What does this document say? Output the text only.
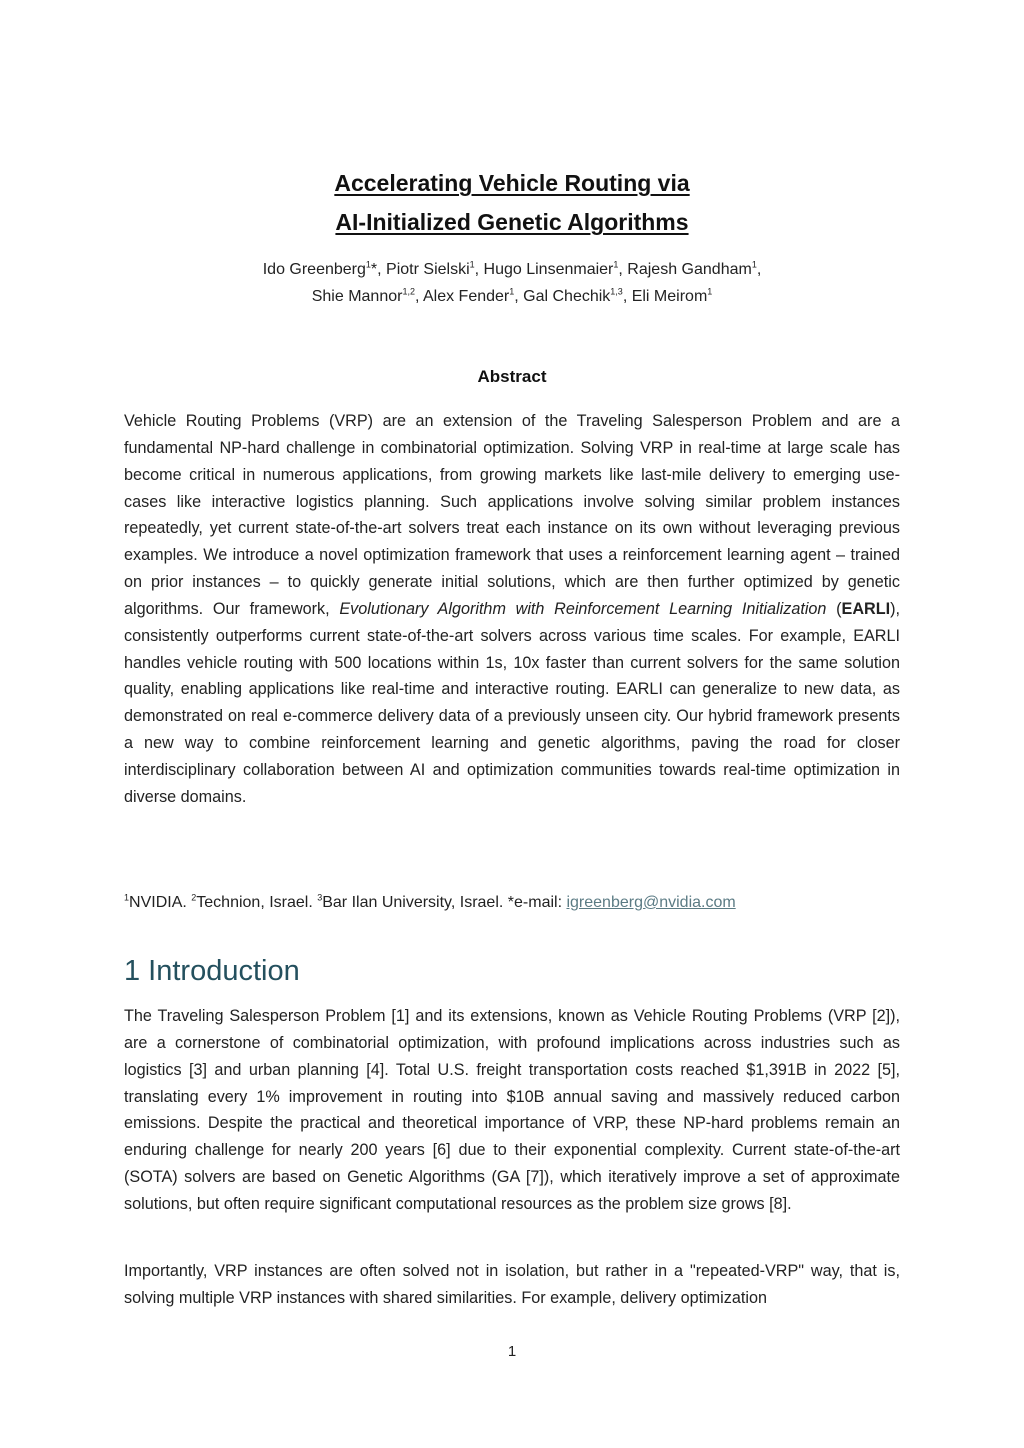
Accelerating Vehicle Routing via
AI-Initialized Genetic Algorithms
Ido Greenberg$^1$*, Piotr Sielski$^1$, Hugo Linsenmaier$^1$, Rajesh Gandham$^1$,
Shie Mannor$^{1,2}$, Alex Fender$^1$, Gal Chechik$^{1,3}$, Eli Meirom$^1$
Abstract
Vehicle Routing Problems (VRP) are an extension of the Traveling Salesperson Problem and are a fundamental NP-hard challenge in combinatorial optimization. Solving VRP in real-time at large scale has become critical in numerous applications, from growing markets like last-mile delivery to emerging use-cases like interactive logistics planning. Such applications involve solving similar problem instances repeatedly, yet current state-of-the-art solvers treat each instance on its own without leveraging previous examples. We introduce a novel optimization framework that uses a reinforcement learning agent – trained on prior instances – to quickly generate initial solutions, which are then further optimized by genetic algorithms. Our framework, Evolutionary Algorithm with Reinforcement Learning Initialization (EARLI), consistently outperforms current state-of-the-art solvers across various time scales. For example, EARLI handles vehicle routing with 500 locations within 1s, 10x faster than current solvers for the same solution quality, enabling applications like real-time and interactive routing. EARLI can generalize to new data, as demonstrated on real e-commerce delivery data of a previously unseen city. Our hybrid framework presents a new way to combine reinforcement learning and genetic algorithms, paving the road for closer interdisciplinary collaboration between AI and optimization communities towards real-time optimization in diverse domains.
$^1$NVIDIA. $^2$Technion, Israel. $^3$Bar Ilan University, Israel. *e-mail: igreenberg@nvidia.com
1 Introduction

The Traveling Salesperson Problem [1] and its extensions, known as Vehicle Routing Problems (VRP [2]), are a cornerstone of combinatorial optimization, with profound implications across industries such as logistics [3] and urban planning [4]. Total U.S. freight transportation costs reached $1,391B in 2022 [5], translating every 1% improvement in routing into $10B annual saving and massively reduced carbon emissions. Despite the practical and theoretical importance of VRP, these NP-hard problems remain an enduring challenge for nearly 200 years [6] due to their exponential complexity. Current state-of-the-art (SOTA) solvers are based on Genetic Algorithms (GA [7]), which iteratively improve a set of approximate solutions, but often require significant computational resources as the problem size grows [8].

Importantly, VRP instances are often solved not in isolation, but rather in a "repeated-VRP" way, that is, solving multiple VRP instances with shared similarities. For example, delivery optimization

1
